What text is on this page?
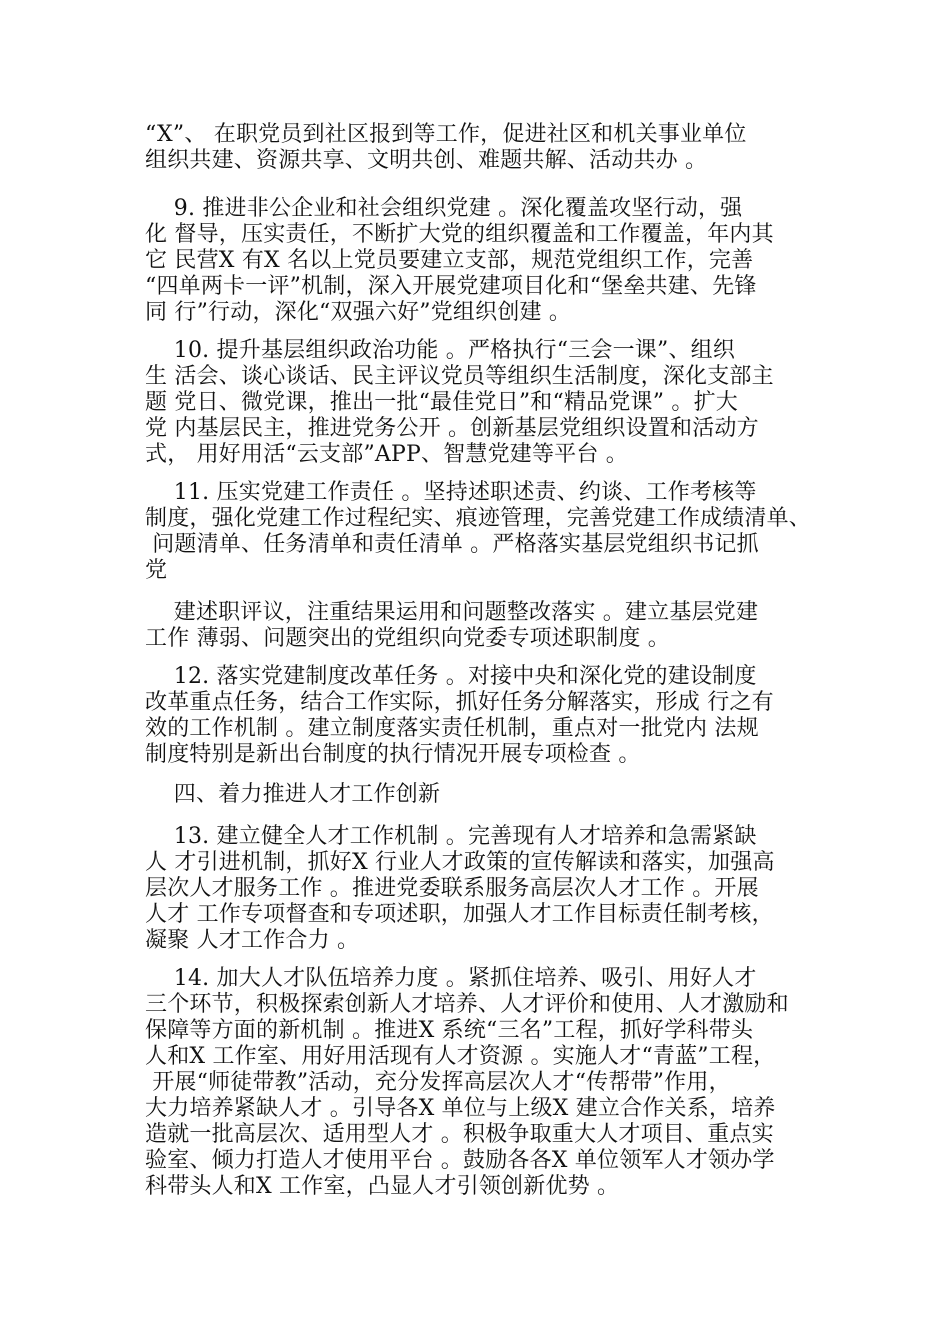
“X”、 在职党员到社区报到等工作，促进社区和机关事业单位
组织共建、资源共享、文明共创、难题共解、活动共办 。
9. 推进非公企业和社会组织党建 。深化覆盖攻坚行动，强
化 督导，压实责任，不断扩大党的组织覆盖和工作覆盖，年内其
它 民营X 有X 名以上党员要建立支部，规范党组织工作，完善
“四单两卡一评”机制，深入开展党建项目化和“堡垒共建、先锋
同 行”行动，深化“双强六好”党组织创建 。
10. 提升基层组织政治功能 。严格执行“三会一课”、组织
生 活会、谈心谈话、民主评议党员等组织生活制度，深化支部主
题 党日、微党课，推出一批“最佳党日”和“精品党课” 。扩大
党 内基层民主，推进党务公开 。创新基层党组织设置和活动方
式， 用好用活“云支部”APP、智慧党建等平台 。
11. 压实党建工作责任 。坚持述职述责、约谈、工作考核等
制度，强化党建工作过程纪实、痕迹管理，完善党建工作成绩清单、
问题清单、任务清单和责任清单 。严格落实基层党组织书记抓
党
建述职评议，注重结果运用和问题整改落实 。建立基层党建
工作 薄弱、问题突出的党组织向党委专项述职制度 。
12. 落实党建制度改革任务 。对接中央和深化党的建设制度
改革重点任务，结合工作实际，抓好任务分解落实，形成 行之有
效的工作机制 。建立制度落实责任机制，重点对一批党内 法规
制度特别是新出台制度的执行情况开展专项检查 。
四、着力推进人才工作创新
13. 建立健全人才工作机制 。完善现有人才培养和急需紧缺
人 才引进机制，抓好X 行业人才政策的宣传解读和落实，加强高
层次人才服务工作 。推进党委联系服务高层次人才工作 。开展
人才 工作专项督查和专项述职，加强人才工作目标责任制考核，
凝聚 人才工作合力 。
14. 加大人才队伍培养力度 。紧抓住培养、吸引、用好人才
三个环节，积极探索创新人才培养、人才评价和使用、人才激励和
保障等方面的新机制 。推进X 系统“三名”工程，抓好学科带头
人和X 工作室、用好用活现有人才资源 。实施人才“青蓝”工程，
开展“师徒带教”活动，充分发挥高层次人才“传帮带”作用，
大力培养紧缺人才 。引导各X 单位与上级X 建立合作关系，培养
造就一批高层次、适用型人才 。积极争取重大人才项目、重点实
验室、倾力打造人才使用平台 。鼓励各各X 单位领军人才领办学
科带头人和X 工作室，凸显人才引领创新优势 。
